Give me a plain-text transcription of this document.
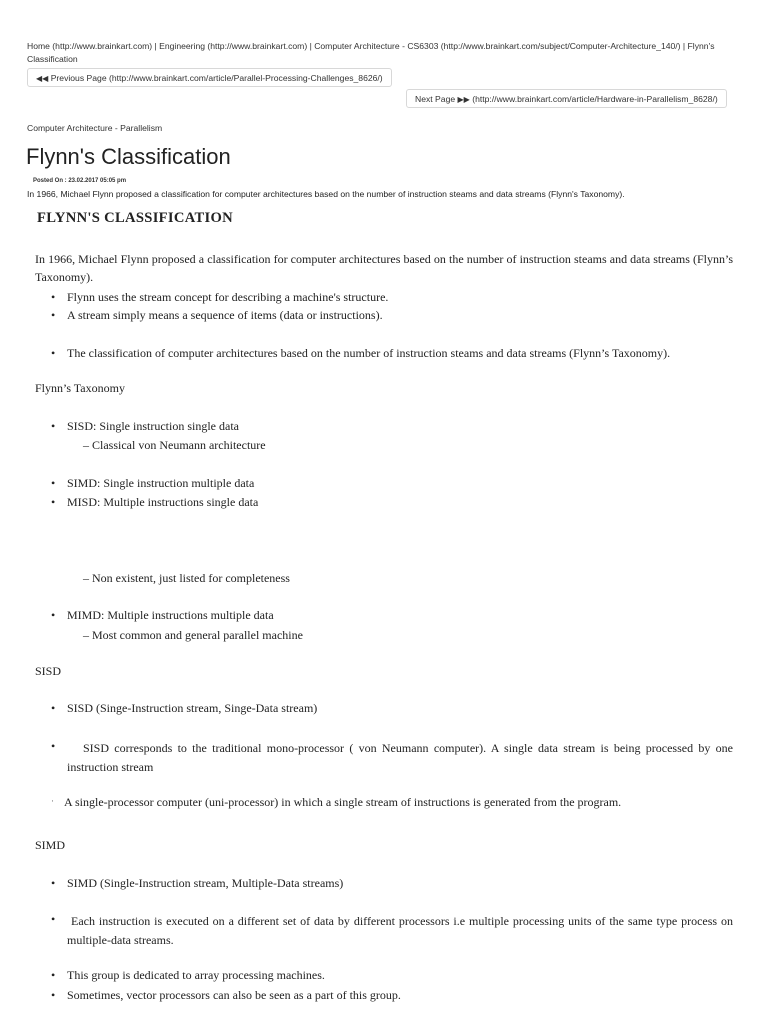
Home (http://www.brainkart.com) | Engineering (http://www.brainkart.com) | Computer Architecture - CS6303 (http://www.brainkart.com/subject/Computer-Architecture_140/) | Flynn's Classification
◀◀ Previous Page (http://www.brainkart.com/article/Parallel-Processing-Challenges_8626/)
Next Page ▶▶ (http://www.brainkart.com/article/Hardware-in-Parallelism_8628/)
Computer Architecture - Parallelism
Flynn's Classification
Posted On : 23.02.2017 05:05 pm
In 1966, Michael Flynn proposed a classification for computer architectures based on the number of instruction steams and data streams (Flynn's Taxonomy).
FLYNN'S CLASSIFICATION
In 1966, Michael Flynn proposed a classification for computer architectures based on the number of instruction steams and data streams (Flynn’s Taxonomy).
• Flynn uses the stream concept for describing a machine's structure.
• A stream simply means a sequence of items (data or instructions).
• The classification of computer architectures based on the number of instruction steams and data streams (Flynn’s Taxonomy).
Flynn’s Taxonomy
• SISD: Single instruction single data
– Classical von Neumann architecture
• SIMD: Single instruction multiple data
• MISD: Multiple instructions single data
– Non existent, just listed for completeness
• MIMD: Multiple instructions multiple data
– Most common and general parallel machine
SISD
• SISD (Singe-Instruction stream, Singe-Data stream)
•	SISD corresponds to the traditional mono-processor ( von Neumann computer). A single data stream is being processed by one instruction stream
· A single-processor computer (uni-processor) in which a single stream of instructions is generated from the program.
SIMD
• SIMD (Single-Instruction stream, Multiple-Data streams)
•	Each instruction is executed on a different set of data by different processors i.e multiple processing units of the same type process on multiple-data streams.
• This group is dedicated to array processing machines.
• Sometimes, vector processors can also be seen as a part of this group.
